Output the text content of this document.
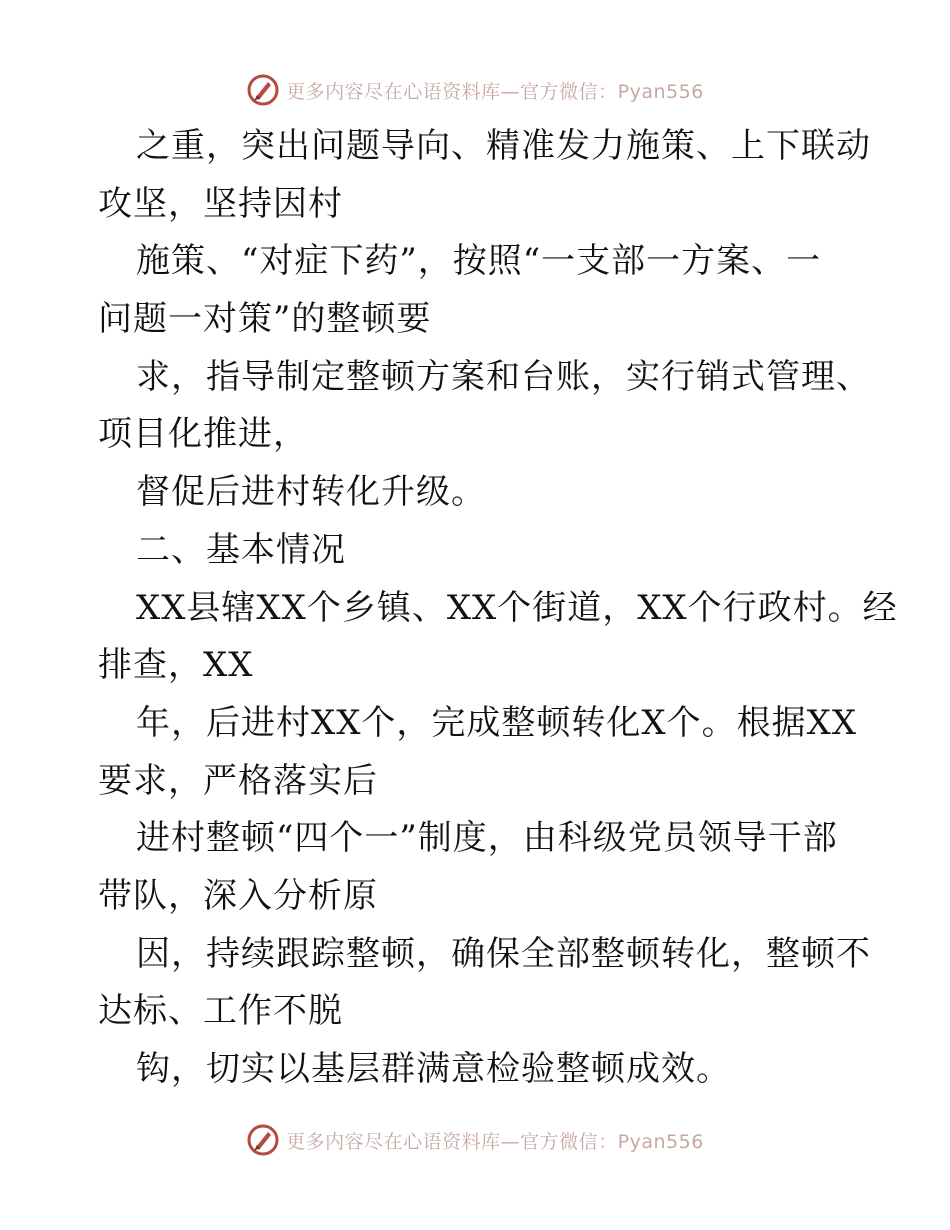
更多内容尽在心语资料库—官方微信：Pyan556
之重，突出问题导向、精准发力施策、上下联动
攻坚，坚持因村
施策、“对症下药”，按照“一支部一方案、一
问题一对策”的整顿要
求，指导制定整顿方案和台账，实行销式管理、
项目化推进，
督促后进村转化升级。
二、基本情况
XX县辖XX个乡镇、XX个街道，XX个行政村。经
排查，XX
年，后进村XX个，完成整顿转化X个。根据XX
要求，严格落实后
进村整顿“四个一”制度，由科级党员领导干部
带队，深入分析原
因，持续跟踪整顿，确保全部整顿转化，整顿不
达标、工作不脱
钩，切实以基层群满意检验整顿成效。
更多内容尽在心语资料库—官方微信：Pyan556
